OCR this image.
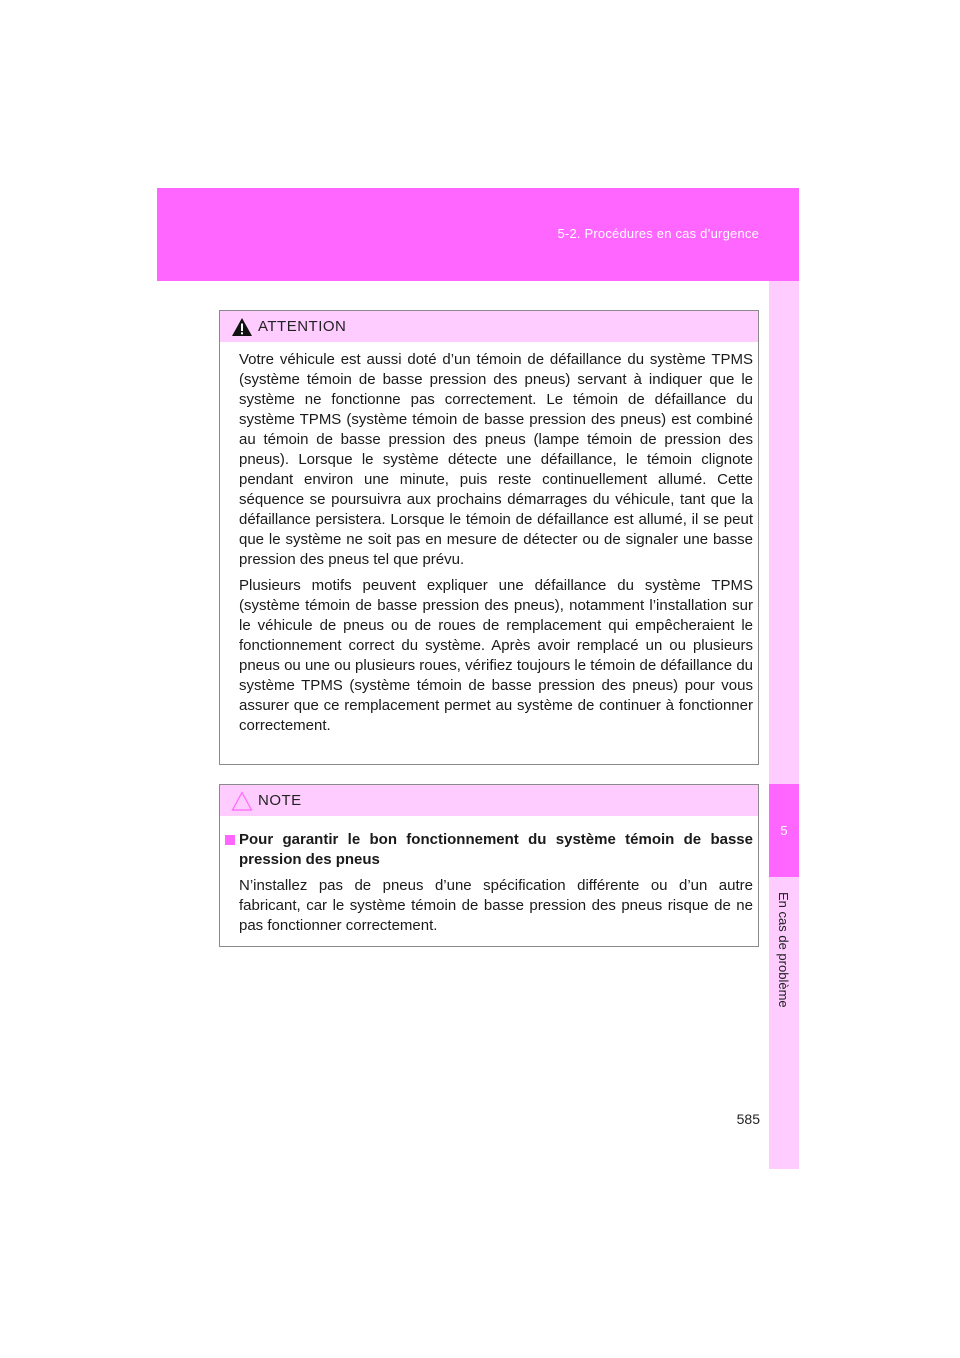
5-2. Procédures en cas d’urgence
5
En cas de problème
ATTENTION

Votre véhicule est aussi doté d’un témoin de défaillance du système TPMS (système témoin de basse pression des pneus) servant à indiquer que le système ne fonctionne pas correctement. Le témoin de défaillance du système TPMS (système témoin de basse pression des pneus) est combiné au témoin de basse pression des pneus (lampe témoin de pression des pneus). Lorsque le système détecte une défaillance, le témoin clignote pendant environ une minute, puis reste continuellement allumé. Cette séquence se poursuivra aux prochains démarrages du véhicule, tant que la défaillance persistera. Lorsque le témoin de défaillance est allumé, il se peut que le système ne soit pas en mesure de détecter ou de signaler une basse pression des pneus tel que prévu.

Plusieurs motifs peuvent expliquer une défaillance du système TPMS (système témoin de basse pression des pneus), notamment l’installation sur le véhicule de pneus ou de roues de remplacement qui empêcheraient le fonctionnement correct du système. Après avoir remplacé un ou plusieurs pneus ou une ou plusieurs roues, vérifiez toujours le témoin de défaillance du système TPMS (système témoin de basse pression des pneus) pour vous assurer que ce remplacement permet au système de continuer à fonctionner correctement.

NOTE

Pour garantir le bon fonctionnement du système témoin de basse pression des pneus

N’installez pas de pneus d’une spécification différente ou d’un autre fabricant, car le système témoin de basse pression des pneus risque de ne pas fonctionner correctement.

585
